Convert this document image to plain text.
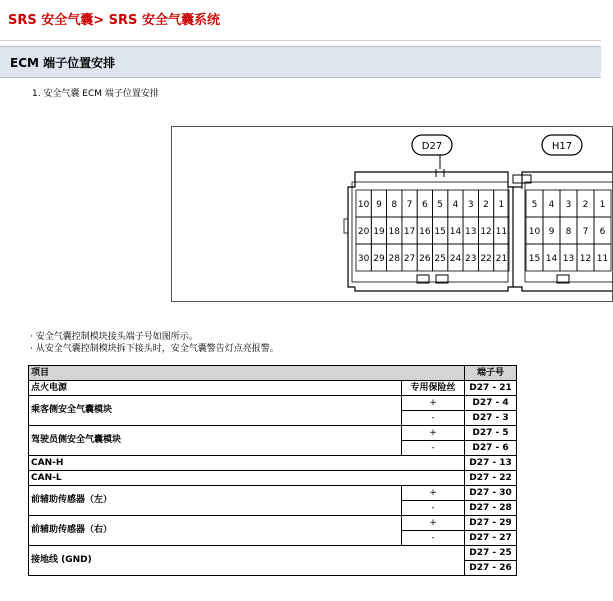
SRS 安全气囊> SRS 安全气囊系统
ECM 端子位置安排
1. 安全气囊 ECM 端子位置安排
D27
10 9 8 7 6 5 4 3 2 1
20 19 18 17 16 15 14 13 12 11
30 29 28 27 26 25 24 23 22 21
H17
5 4 3 2 1
10 9 8 7 6
15 14 13 12 11
· 安全气囊控制模块接头端子号如图所示。
· 从安全气囊控制模块拆下接头时，安全气囊警告灯点亮报警。
项目		端子号
点火电源	专用保险丝	D27 - 21
乘客侧安全气囊模块	+	D27 - 4
	-	D27 - 3
驾驶员侧安全气囊模块	+	D27 - 5
	-	D27 - 6
CAN-H		D27 - 13
CAN-L		D27 - 22
前辅助传感器（左）	+	D27 - 30
	-	D27 - 28
前辅助传感器（右）	+	D27 - 29
	-	D27 - 27
接地线 (GND)		D27 - 25
		D27 - 26
